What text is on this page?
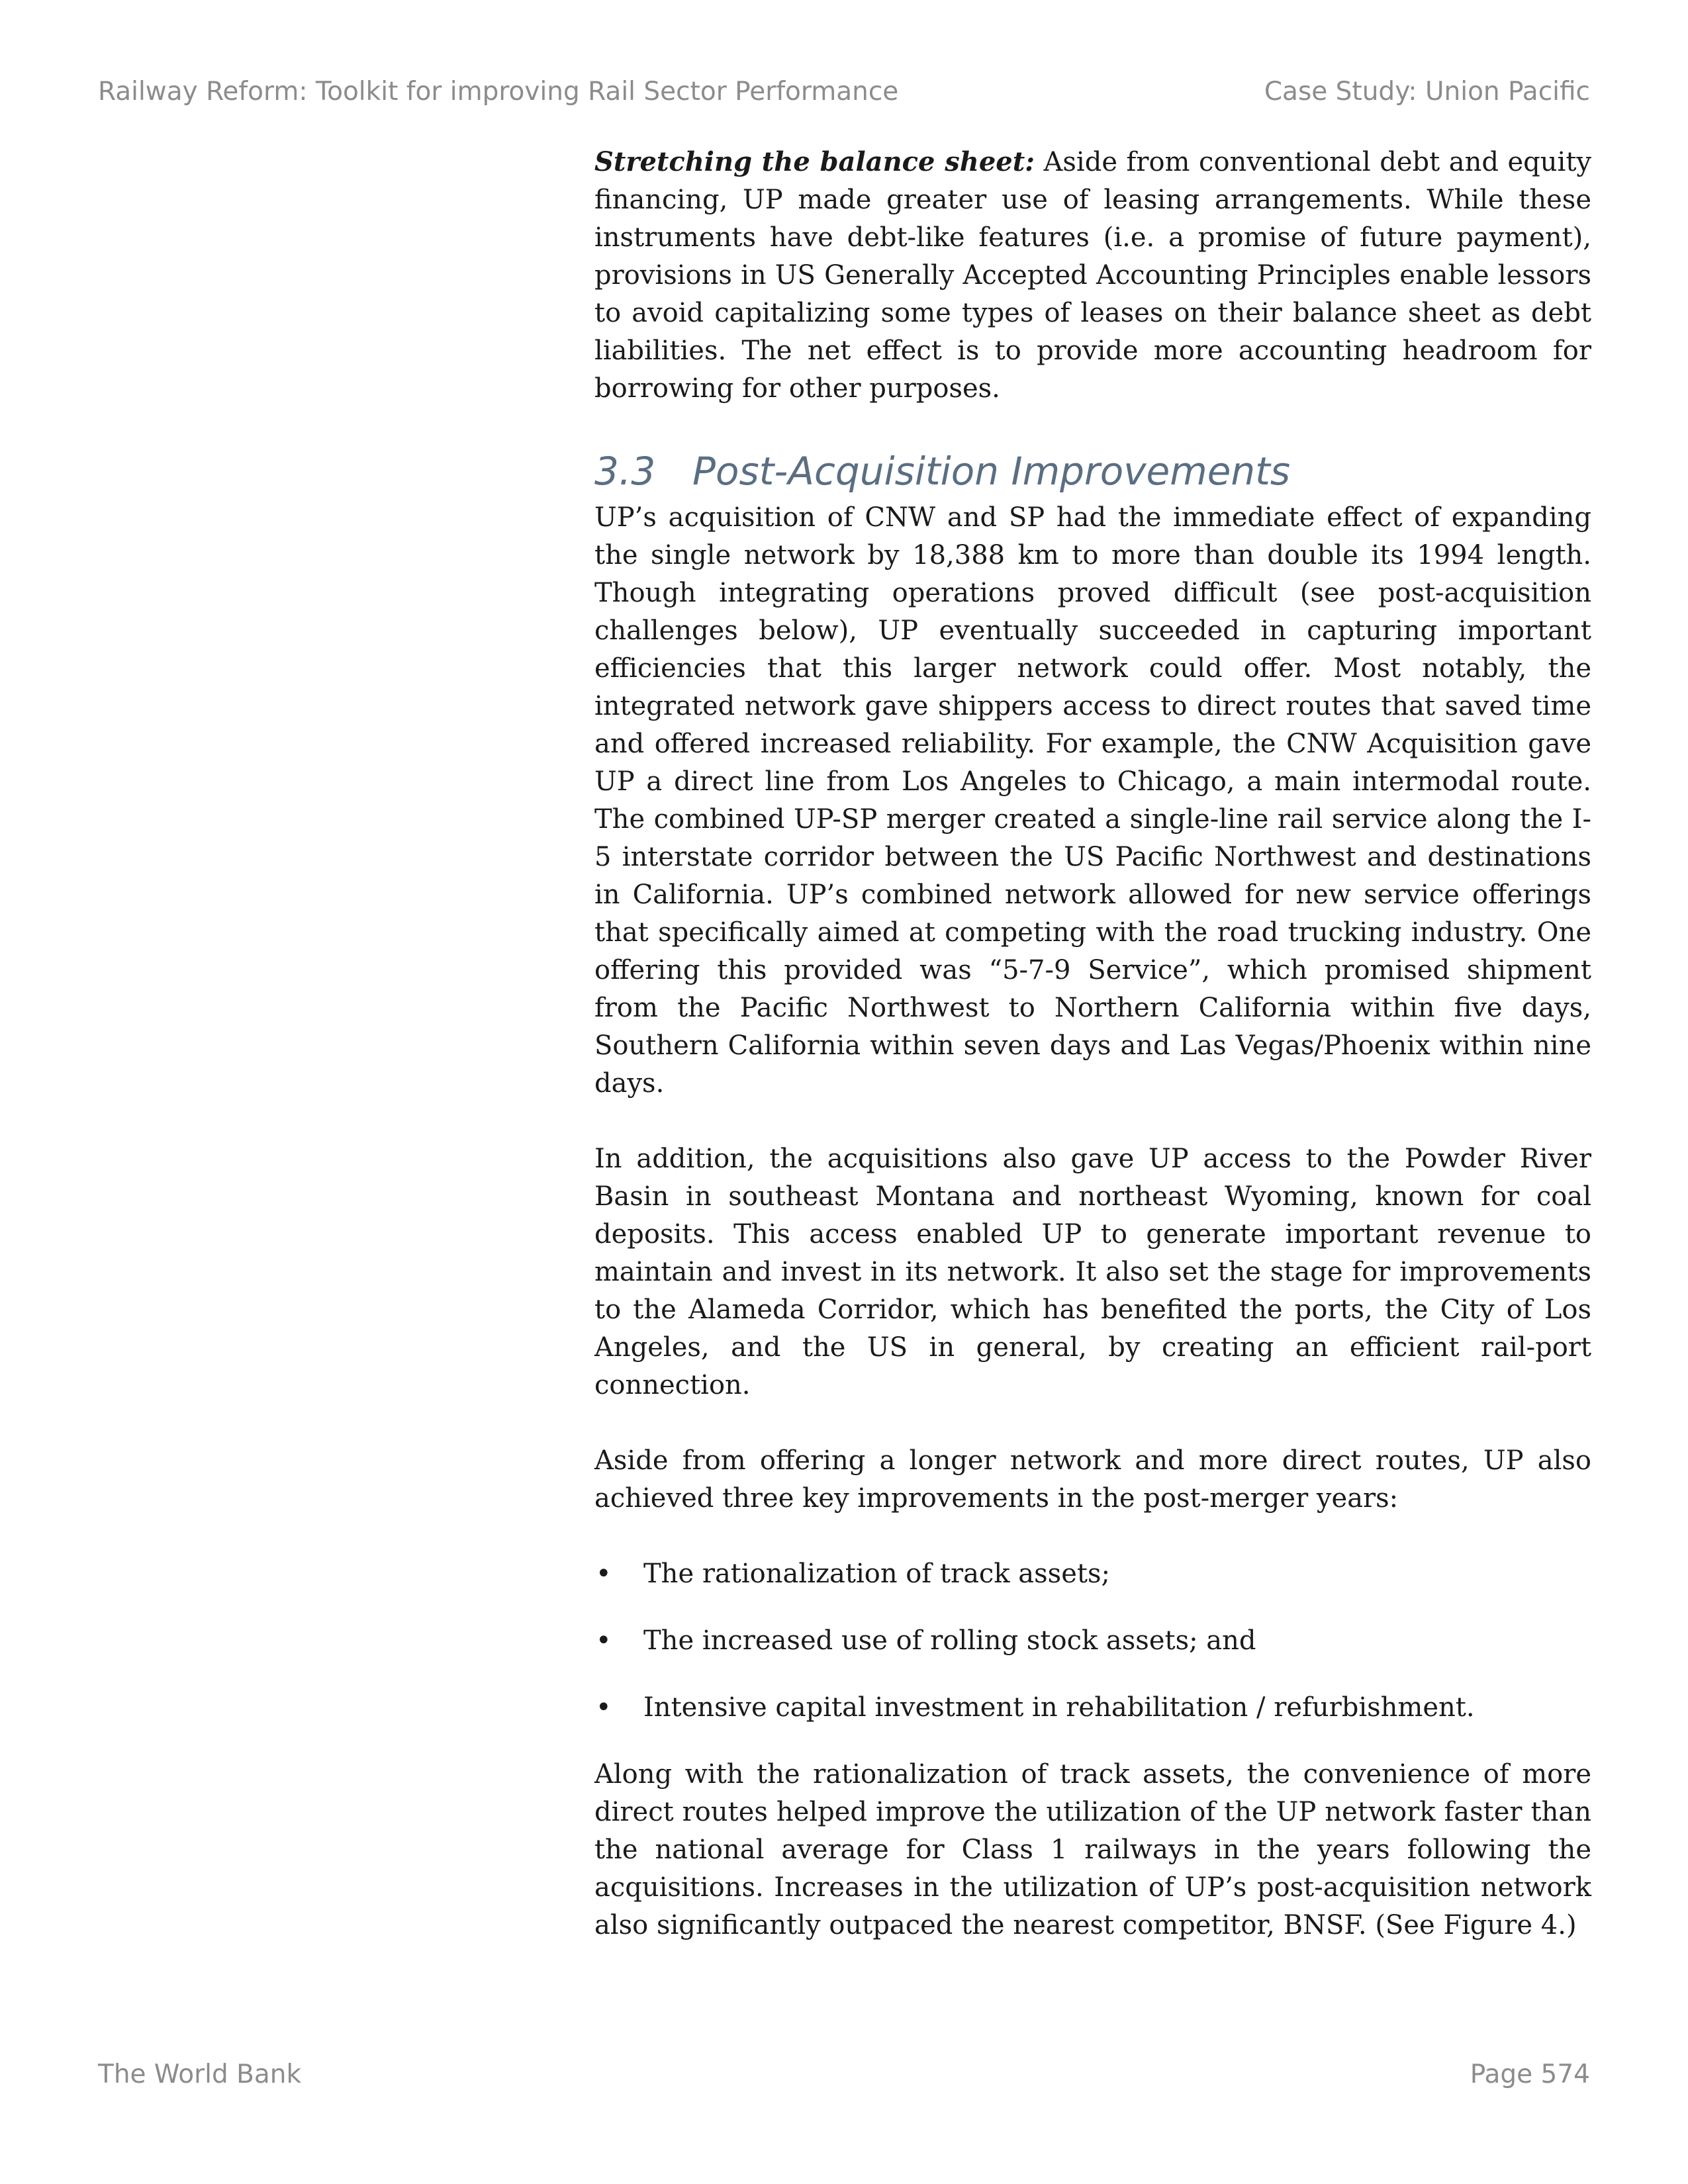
Railway Reform: Toolkit for improving Rail Sector Performance	Case Study: Union Pacific

Stretching the balance sheet: Aside from conventional debt and equity financing, UP made greater use of leasing arrangements. While these instruments have debt-like features (i.e. a promise of future payment), provisions in US Generally Accepted Accounting Principles enable lessors to avoid capitalizing some types of leases on their balance sheet as debt liabilities. The net effect is to provide more accounting headroom for borrowing for other purposes.

3.3 Post-Acquisition Improvements

UP’s acquisition of CNW and SP had the immediate effect of expanding the single network by 18,388 km to more than double its 1994 length. Though integrating operations proved difficult (see post-acquisition challenges below), UP eventually succeeded in capturing important efficiencies that this larger network could offer. Most notably, the integrated network gave shippers access to direct routes that saved time and offered increased reliability. For example, the CNW Acquisition gave UP a direct line from Los Angeles to Chicago, a main intermodal route. The combined UP-SP merger created a single-line rail service along the I-5 interstate corridor between the US Pacific Northwest and destinations in California. UP’s combined network allowed for new service offerings that specifically aimed at competing with the road trucking industry. One offering this provided was “5-7-9 Service”, which promised shipment from the Pacific Northwest to Northern California within five days, Southern California within seven days and Las Vegas/Phoenix within nine days.

In addition, the acquisitions also gave UP access to the Powder River Basin in southeast Montana and northeast Wyoming, known for coal deposits. This access enabled UP to generate important revenue to maintain and invest in its network. It also set the stage for improvements to the Alameda Corridor, which has benefited the ports, the City of Los Angeles, and the US in general, by creating an efficient rail-port connection.

Aside from offering a longer network and more direct routes, UP also achieved three key improvements in the post-merger years:

• The rationalization of track assets;
• The increased use of rolling stock assets; and
• Intensive capital investment in rehabilitation / refurbishment.

Along with the rationalization of track assets, the convenience of more direct routes helped improve the utilization of the UP network faster than the national average for Class 1 railways in the years following the acquisitions. Increases in the utilization of UP’s post-acquisition network also significantly outpaced the nearest competitor, BNSF. (See Figure 4.)

The World Bank	Page 574
